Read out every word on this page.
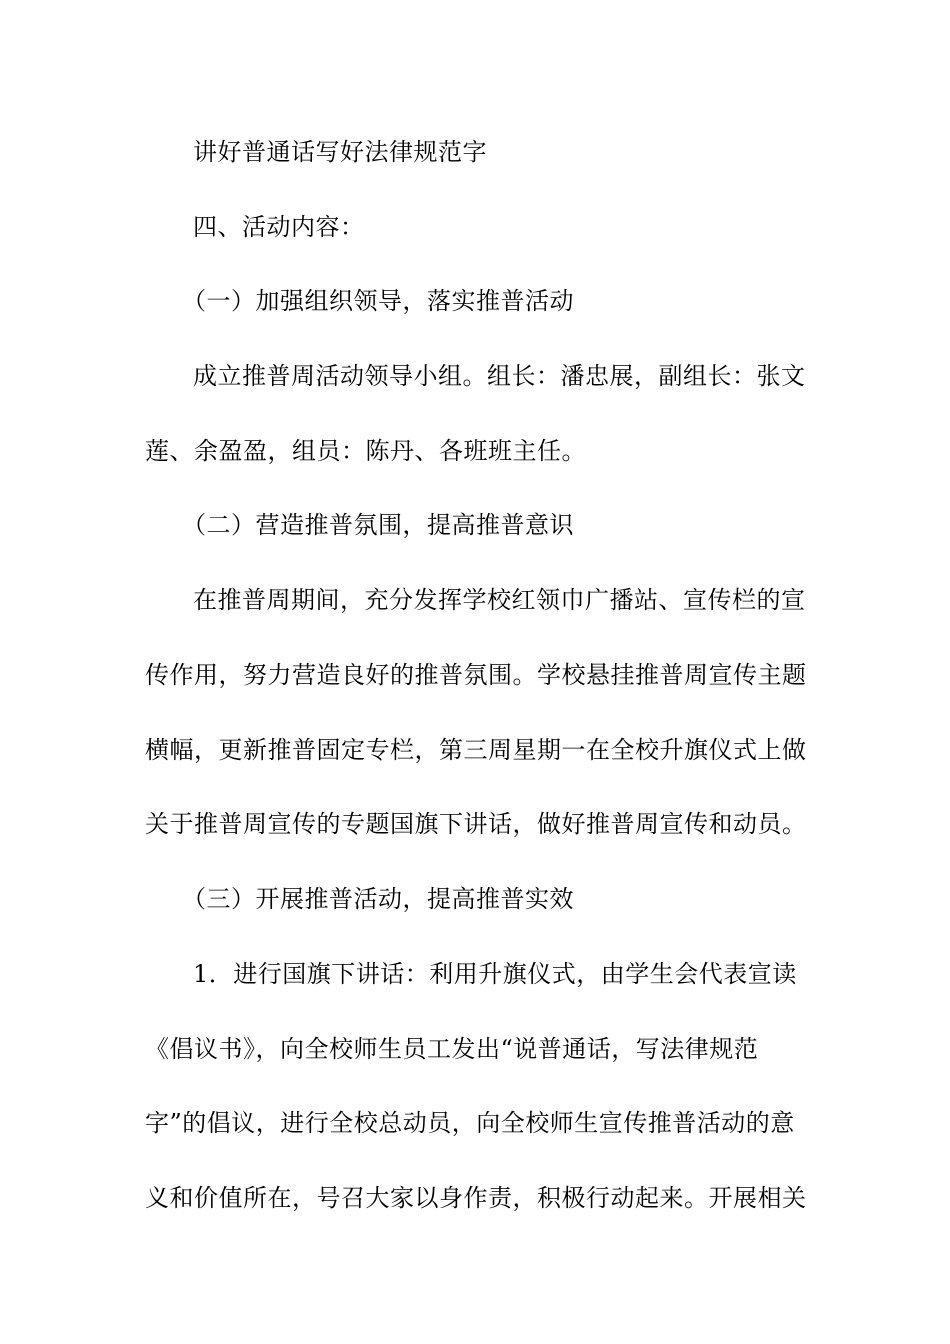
讲好普通话写好法律规范字
四、活动内容：
（一）加强组织领导，落实推普活动
成立推普周活动领导小组。组长：潘忠展，副组长：张文
莲、余盈盈，组员：陈丹、各班班主任。
（二）营造推普氛围，提高推普意识
在推普周期间，充分发挥学校红领巾广播站、宣传栏的宣
传作用，努力营造良好的推普氛围。学校悬挂推普周宣传主题
横幅，更新推普固定专栏，第三周星期一在全校升旗仪式上做
关于推普周宣传的专题国旗下讲话，做好推普周宣传和动员。
（三）开展推普活动，提高推普实效
1．进行国旗下讲话：利用升旗仪式，由学生会代表宣读
《倡议书》，向全校师生员工发出“说普通话，写法律规范
字”的倡议，进行全校总动员，向全校师生宣传推普活动的意
义和价值所在，号召大家以身作责，积极行动起来。开展相关
